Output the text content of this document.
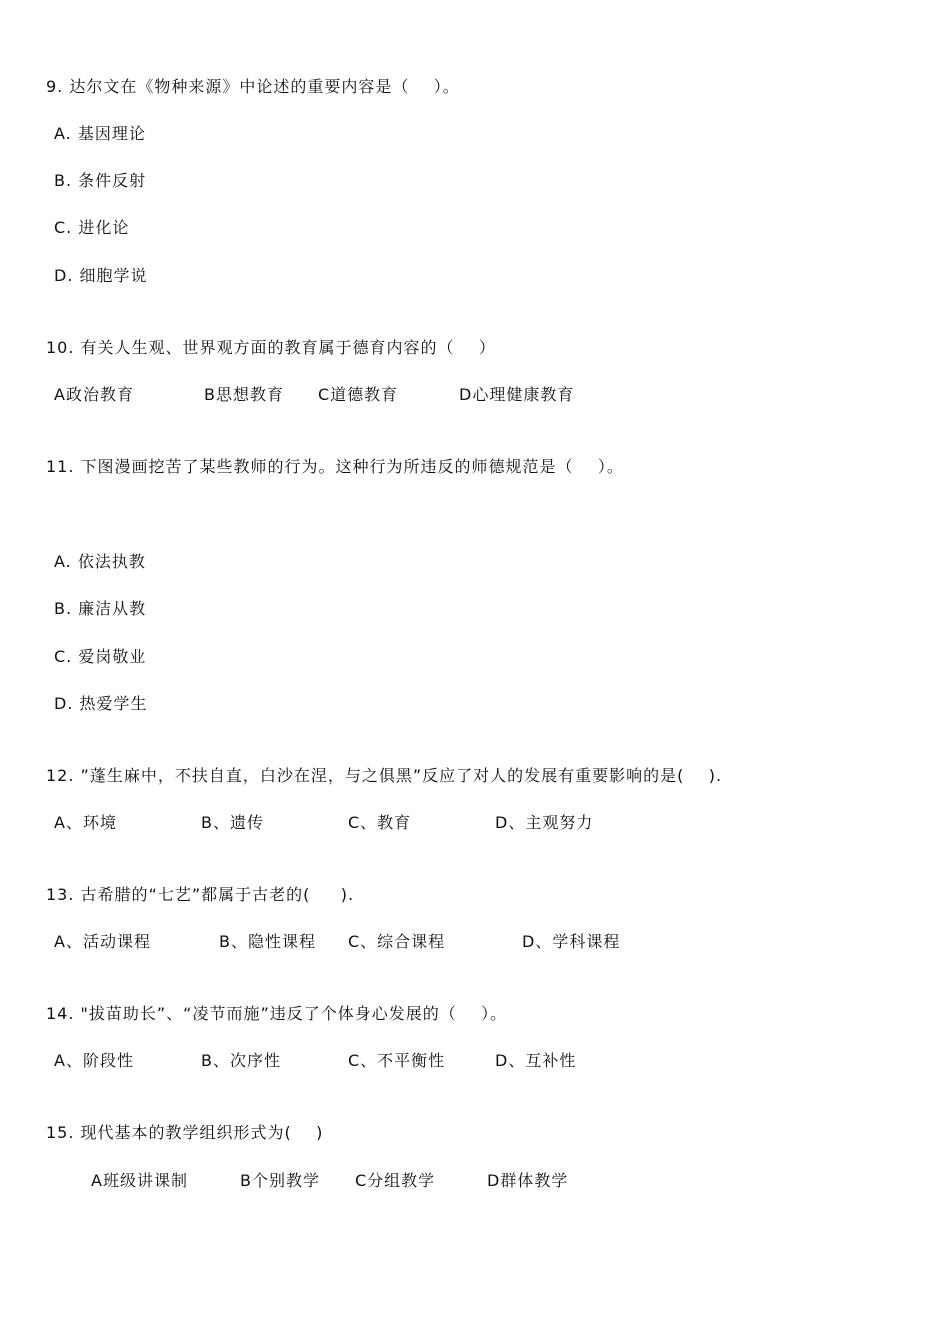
9. 达尔文在《物种来源》中论述的重要内容是（    ）。
A. 基因理论
B. 条件反射
C. 进化论
D. 细胞学说
10. 有关人生观、世界观方面的教育属于德育内容的（    ）
A政治教育	B思想教育 C道德教育	D心理健康教育
11. 下图漫画挖苦了某些教师的行为。这种行为所违反的师德规范是（    ）。
A. 依法执教
B. 廉洁从教
C. 爱岗敬业
D. 热爱学生
12. ”蓬生麻中，不扶自直，白沙在涅，与之俱黑”反应了对人的发展有重要影响的是(    ).
A、环境	B、遗传	C、教育	D、主观努力
13. 古希腊的“七艺”都属于古老的(     ).
A、活动课程	B、隐性课程 C、综合课程	D、学科课程
14. "拔苗助长”、“凌节而施”违反了个体身心发展的（    ）。
A、阶段性	B、次序性	C、不平衡性	D、互补性
15. 现代基本的教学组织形式为(    )
A班级讲课制	B个别教学 C分组教学	D群体教学
